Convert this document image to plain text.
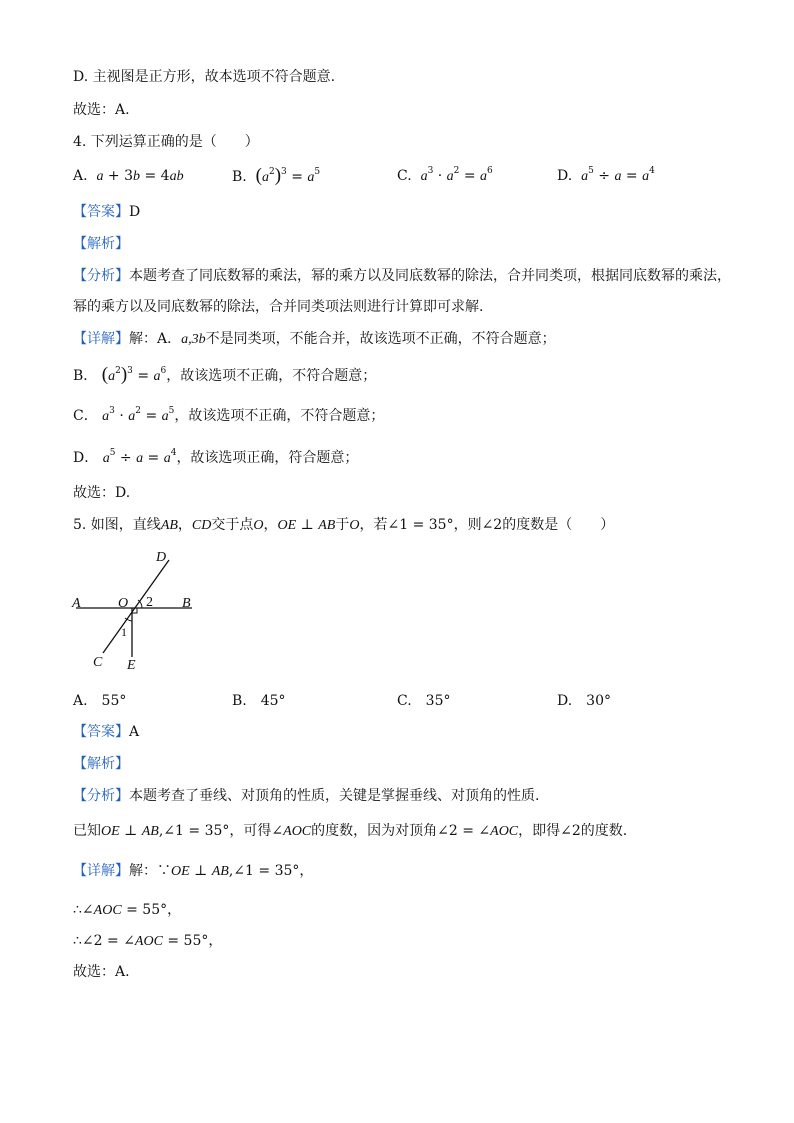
D. 主视图是正方形，故本选项不符合题意.
故选：A.
4. 下列运算正确的是（　　）
A. a + 3b = 4ab	B. $(a^2)^3 = a^5$	C. $a^3 \cdot a^2 = a^6$	D. $a^5 \div a = a^4$
【答案】D
【解析】
【分析】本题考查了同底数幂的乘法，幂的乘方以及同底数幂的除法，合并同类项，根据同底数幂的乘法，
幂的乘方以及同底数幂的除法，合并同类项法则进行计算即可求解.
【详解】解：A．a,3b不是同类项，不能合并，故该选项不正确，不符合题意；
B． $(a^2)^3 = a^6$，故该选项不正确，不符合题意；
C． $a^3 \cdot a^2 = a^5$，故该选项不正确，不符合题意；
D． $a^5 \div a = a^4$，故该选项正确，符合题意；
故选：D.
5. 如图，直线AB，CD交于点O，OE ⊥ AB于O，若∠1 = 35°，则∠2的度数是（　　）
D
A	O 2 B
1
C E
A.　55°	B.　45°	C.　35°	D.　30°
【答案】A
【解析】
【分析】本题考查了垂线、对顶角的性质，关键是掌握垂线、对顶角的性质.
已知OE ⊥ AB,∠1 = 35°，可得∠AOC的度数，因为对顶角∠2 = ∠AOC，即得∠2的度数.
【详解】解：∵OE ⊥ AB,∠1 = 35°，
∴∠AOC = 55°，
∴∠2 = ∠AOC = 55°，
故选：A.
